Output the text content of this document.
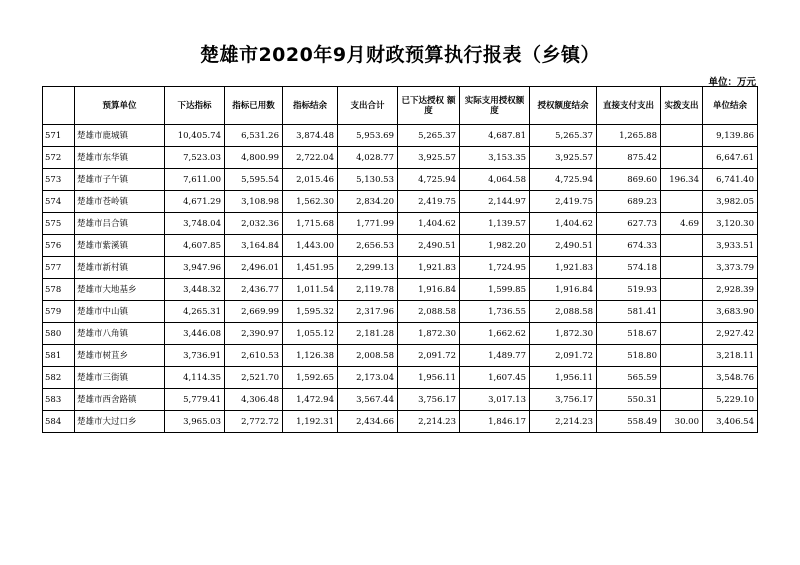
楚雄市2020年9月财政预算执行报表（乡镇）
单位：万元
	预算单位	下达指标	指标已用数	指标结余	支出合计	已下达授权 额 度	实际支用授权额度	授权额度结余	直接支付支出	实拨支出	单位结余
571	楚雄市鹿城镇	10,405.74	6,531.26	3,874.48	5,953.69	5,265.37	4,687.81	5,265.37	1,265.88		9,139.86
572	楚雄市东华镇	7,523.03	4,800.99	2,722.04	4,028.77	3,925.57	3,153.35	3,925.57	875.42		6,647.61
573	楚雄市子午镇	7,611.00	5,595.54	2,015.46	5,130.53	4,725.94	4,064.58	4,725.94	869.60	196.34	6,741.40
574	楚雄市苍岭镇	4,671.29	3,108.98	1,562.30	2,834.20	2,419.75	2,144.97	2,419.75	689.23		3,982.05
575	楚雄市吕合镇	3,748.04	2,032.36	1,715.68	1,771.99	1,404.62	1,139.57	1,404.62	627.73	4.69	3,120.30
576	楚雄市紫溪镇	4,607.85	3,164.84	1,443.00	2,656.53	2,490.51	1,982.20	2,490.51	674.33		3,933.51
577	楚雄市新村镇	3,947.96	2,496.01	1,451.95	2,299.13	1,921.83	1,724.95	1,921.83	574.18		3,373.79
578	楚雄市大地基乡	3,448.32	2,436.77	1,011.54	2,119.78	1,916.84	1,599.85	1,916.84	519.93		2,928.39
579	楚雄市中山镇	4,265.31	2,669.99	1,595.32	2,317.96	2,088.58	1,736.55	2,088.58	581.41		3,683.90
580	楚雄市八角镇	3,446.08	2,390.97	1,055.12	2,181.28	1,872.30	1,662.62	1,872.30	518.67		2,927.42
581	楚雄市树苴乡	3,736.91	2,610.53	1,126.38	2,008.58	2,091.72	1,489.77	2,091.72	518.80		3,218.11
582	楚雄市三街镇	4,114.35	2,521.70	1,592.65	2,173.04	1,956.11	1,607.45	1,956.11	565.59		3,548.76
583	楚雄市西舍路镇	5,779.41	4,306.48	1,472.94	3,567.44	3,756.17	3,017.13	3,756.17	550.31		5,229.10
584	楚雄市大过口乡	3,965.03	2,772.72	1,192.31	2,434.66	2,214.23	1,846.17	2,214.23	558.49	30.00	3,406.54
